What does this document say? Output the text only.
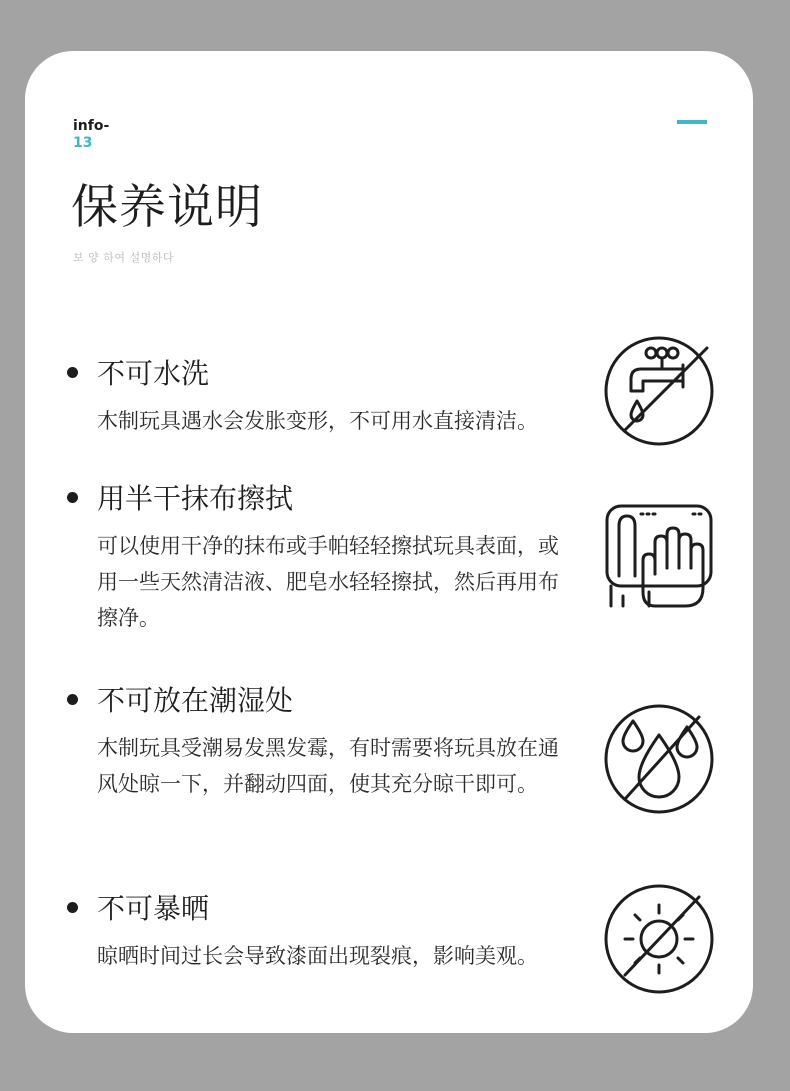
info-
13
保养说明
보 양 하여 설명하다
不可水洗
木制玩具遇水会发胀变形，不可用水直接清洁。
用半干抹布擦拭
可以使用干净的抹布或手帕轻轻擦拭玩具表面，或用一些天然清洁液、肥皂水轻轻擦拭，然后再用布擦净。
不可放在潮湿处
木制玩具受潮易发黑发霉，有时需要将玩具放在通风处晾一下，并翻动四面，使其充分晾干即可。
不可暴晒
晾晒时间过长会导致漆面出现裂痕，影响美观。
